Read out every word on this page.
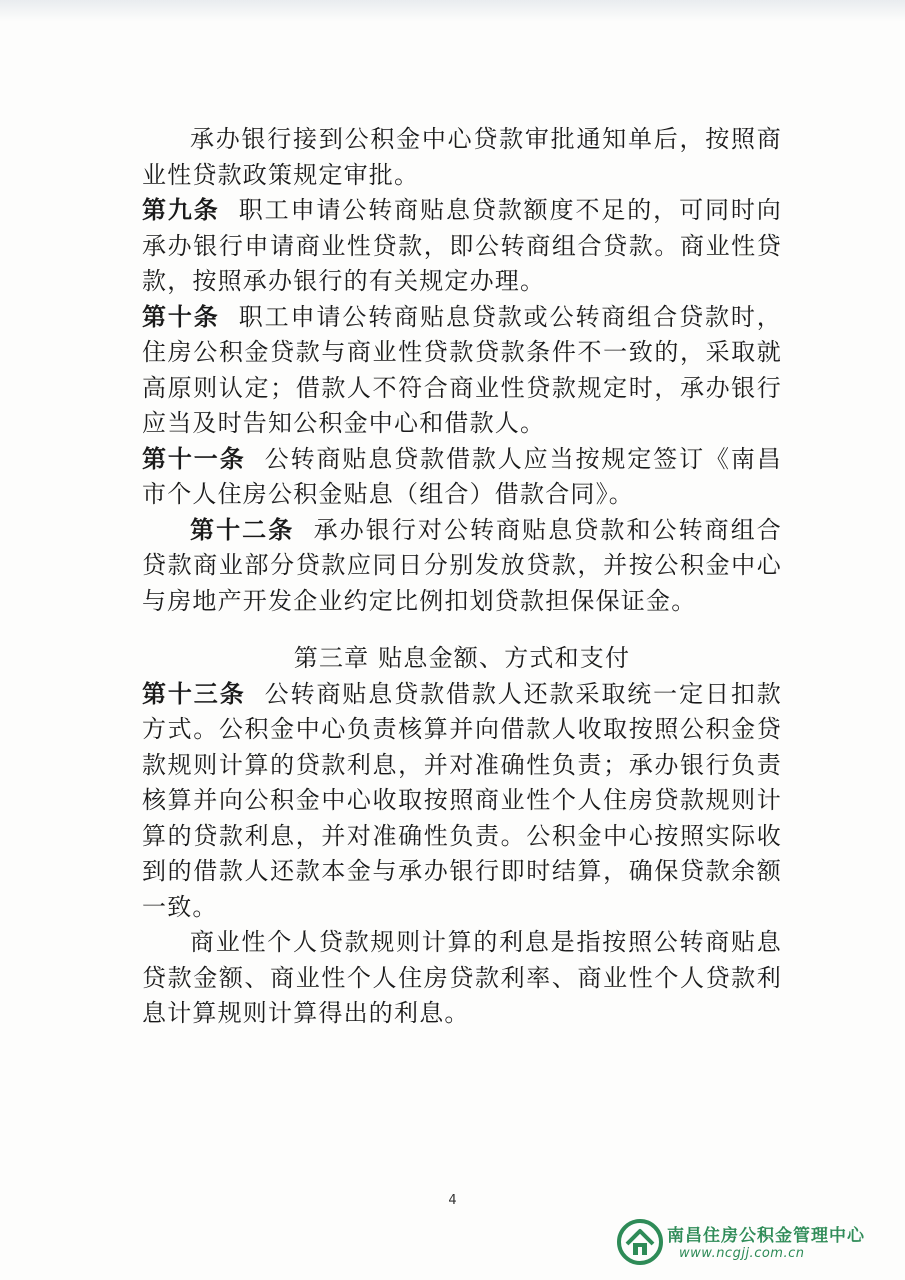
承办银行接到公积金中心贷款审批通知单后，按照商业性贷款政策规定审批。

第九条 职工申请公转商贴息贷款额度不足的，可同时向承办银行申请商业性贷款，即公转商组合贷款。商业性贷款，按照承办银行的有关规定办理。

第十条 职工申请公转商贴息贷款或公转商组合贷款时，住房公积金贷款与商业性贷款贷款条件不一致的，采取就高原则认定；借款人不符合商业性贷款规定时，承办银行应当及时告知公积金中心和借款人。

第十一条 公转商贴息贷款借款人应当按规定签订《南昌市个人住房公积金贴息（组合）借款合同》。

第十二条 承办银行对公转商贴息贷款和公转商组合贷款商业部分贷款应同日分别发放贷款，并按公积金中心与房地产开发企业约定比例扣划贷款担保保证金。

第三章 贴息金额、方式和支付

第十三条 公转商贴息贷款借款人还款采取统一定日扣款方式。公积金中心负责核算并向借款人收取按照公积金贷款规则计算的贷款利息，并对准确性负责；承办银行负责核算并向公积金中心收取按照商业性个人住房贷款规则计算的贷款利息，并对准确性负责。公积金中心按照实际收到的借款人还款本金与承办银行即时结算，确保贷款余额一致。

商业性个人贷款规则计算的利息是指按照公转商贴息贷款金额、商业性个人住房贷款利率、商业性个人贷款利息计算规则计算得出的利息。

4
南昌住房公积金管理中心
www.ncgjj.com.cn
